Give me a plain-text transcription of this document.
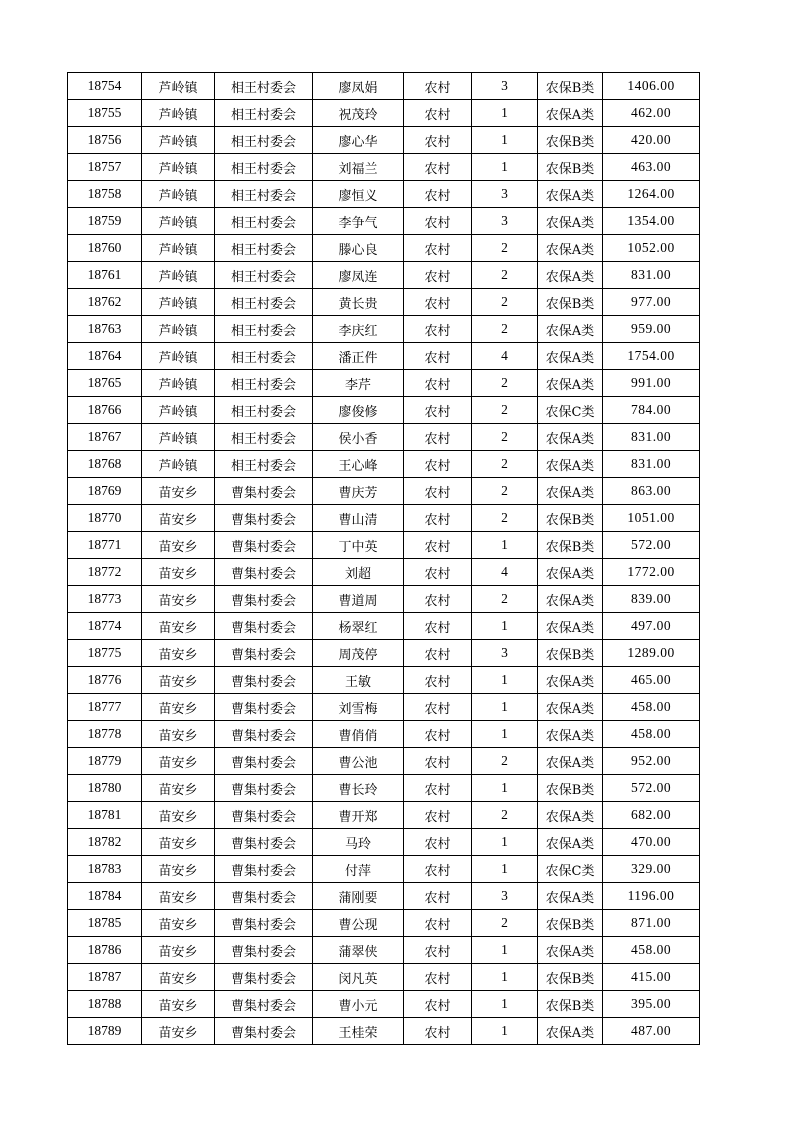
18754	芦岭镇	相王村委会	廖凤娟	农村	3	农保B类	1406.00
18755	芦岭镇	相王村委会	祝茂玲	农村	1	农保A类	462.00
18756	芦岭镇	相王村委会	廖心华	农村	1	农保B类	420.00
18757	芦岭镇	相王村委会	刘福兰	农村	1	农保B类	463.00
18758	芦岭镇	相王村委会	廖恒义	农村	3	农保A类	1264.00
18759	芦岭镇	相王村委会	李争气	农村	3	农保A类	1354.00
18760	芦岭镇	相王村委会	滕心良	农村	2	农保A类	1052.00
18761	芦岭镇	相王村委会	廖凤连	农村	2	农保A类	831.00
18762	芦岭镇	相王村委会	黄长贵	农村	2	农保B类	977.00
18763	芦岭镇	相王村委会	李庆红	农村	2	农保A类	959.00
18764	芦岭镇	相王村委会	潘正件	农村	4	农保A类	1754.00
18765	芦岭镇	相王村委会	李芹	农村	2	农保A类	991.00
18766	芦岭镇	相王村委会	廖俊修	农村	2	农保C类	784.00
18767	芦岭镇	相王村委会	侯小香	农村	2	农保A类	831.00
18768	芦岭镇	相王村委会	王心峰	农村	2	农保A类	831.00
18769	苗安乡	曹集村委会	曹庆芳	农村	2	农保A类	863.00
18770	苗安乡	曹集村委会	曹山清	农村	2	农保B类	1051.00
18771	苗安乡	曹集村委会	丁中英	农村	1	农保B类	572.00
18772	苗安乡	曹集村委会	刘超	农村	4	农保A类	1772.00
18773	苗安乡	曹集村委会	曹道周	农村	2	农保A类	839.00
18774	苗安乡	曹集村委会	杨翠红	农村	1	农保A类	497.00
18775	苗安乡	曹集村委会	周茂停	农村	3	农保B类	1289.00
18776	苗安乡	曹集村委会	王敏	农村	1	农保A类	465.00
18777	苗安乡	曹集村委会	刘雪梅	农村	1	农保A类	458.00
18778	苗安乡	曹集村委会	曹俏俏	农村	1	农保A类	458.00
18779	苗安乡	曹集村委会	曹公池	农村	2	农保A类	952.00
18780	苗安乡	曹集村委会	曹长玲	农村	1	农保B类	572.00
18781	苗安乡	曹集村委会	曹开郑	农村	2	农保A类	682.00
18782	苗安乡	曹集村委会	马玲	农村	1	农保A类	470.00
18783	苗安乡	曹集村委会	付萍	农村	1	农保C类	329.00
18784	苗安乡	曹集村委会	蒲刚要	农村	3	农保A类	1196.00
18785	苗安乡	曹集村委会	曹公现	农村	2	农保B类	871.00
18786	苗安乡	曹集村委会	蒲翠侠	农村	1	农保A类	458.00
18787	苗安乡	曹集村委会	闵凡英	农村	1	农保B类	415.00
18788	苗安乡	曹集村委会	曹小元	农村	1	农保B类	395.00
18789	苗安乡	曹集村委会	王桂荣	农村	1	农保A类	487.00
